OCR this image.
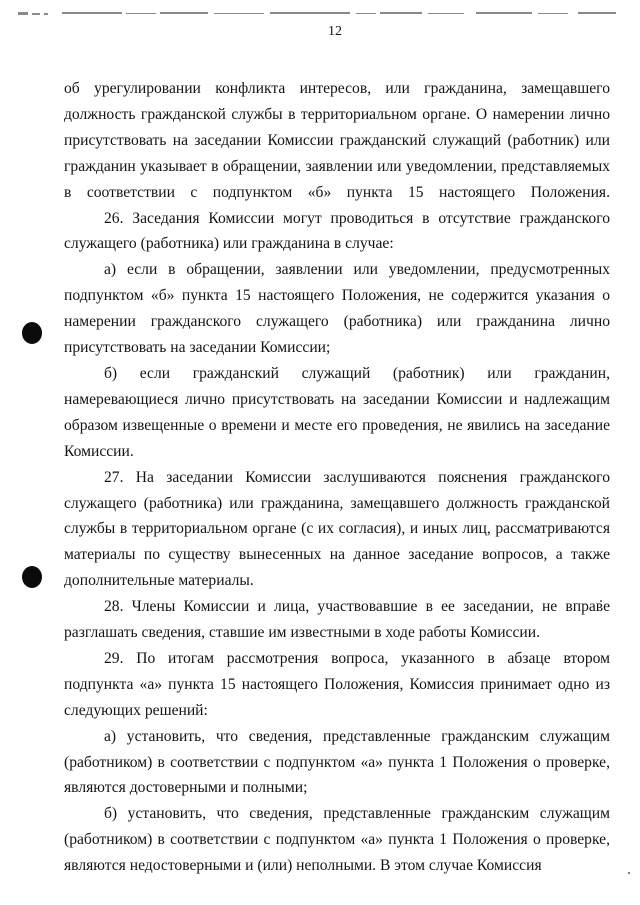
12

об урегулировании конфликта интересов, или гражданина, замещавшего должность гражданской службы в территориальном органе. О намерении лично присутствовать на заседании Комиссии гражданский служащий (работник) или гражданин указывает в обращении, заявлении или уведомлении, представляемых в соответствии с подпунктом «б» пункта 15 настоящего Положения.

26. Заседания Комиссии могут проводиться в отсутствие гражданского служащего (работника) или гражданина в случае:

а) если в обращении, заявлении или уведомлении, предусмотренных подпунктом «б» пункта 15 настоящего Положения, не содержится указания о намерении гражданского служащего (работника) или гражданина лично присутствовать на заседании Комиссии;

б) если гражданский служащий (работник) или гражданин, намеревающиеся лично присутствовать на заседании Комиссии и надлежащим образом извещенные о времени и месте его проведения, не явились на заседание Комиссии.

27. На заседании Комиссии заслушиваются пояснения гражданского служащего (работника) или гражданина, замещавшего должность гражданской службы в территориальном органе (с их согласия), и иных лиц, рассматриваются материалы по существу вынесенных на данное заседание вопросов, а также дополнительные материалы.

28. Члены Комиссии и лица, участвовавшие в ее заседании, не вправе разглашать сведения, ставшие им известными в ходе работы Комиссии.

29. По итогам рассмотрения вопроса, указанного в абзаце втором подпункта «а» пункта 15 настоящего Положения, Комиссия принимает одно из следующих решений:

а) установить, что сведения, представленные гражданским служащим (работником) в соответствии с подпунктом «а» пункта 1 Положения о проверке, являются достоверными и полными;

б) установить, что сведения, представленные гражданским служащим (работником) в соответствии с подпунктом «а» пункта 1 Положения о проверке, являются недостоверными и (или) неполными. В этом случае Комиссия
